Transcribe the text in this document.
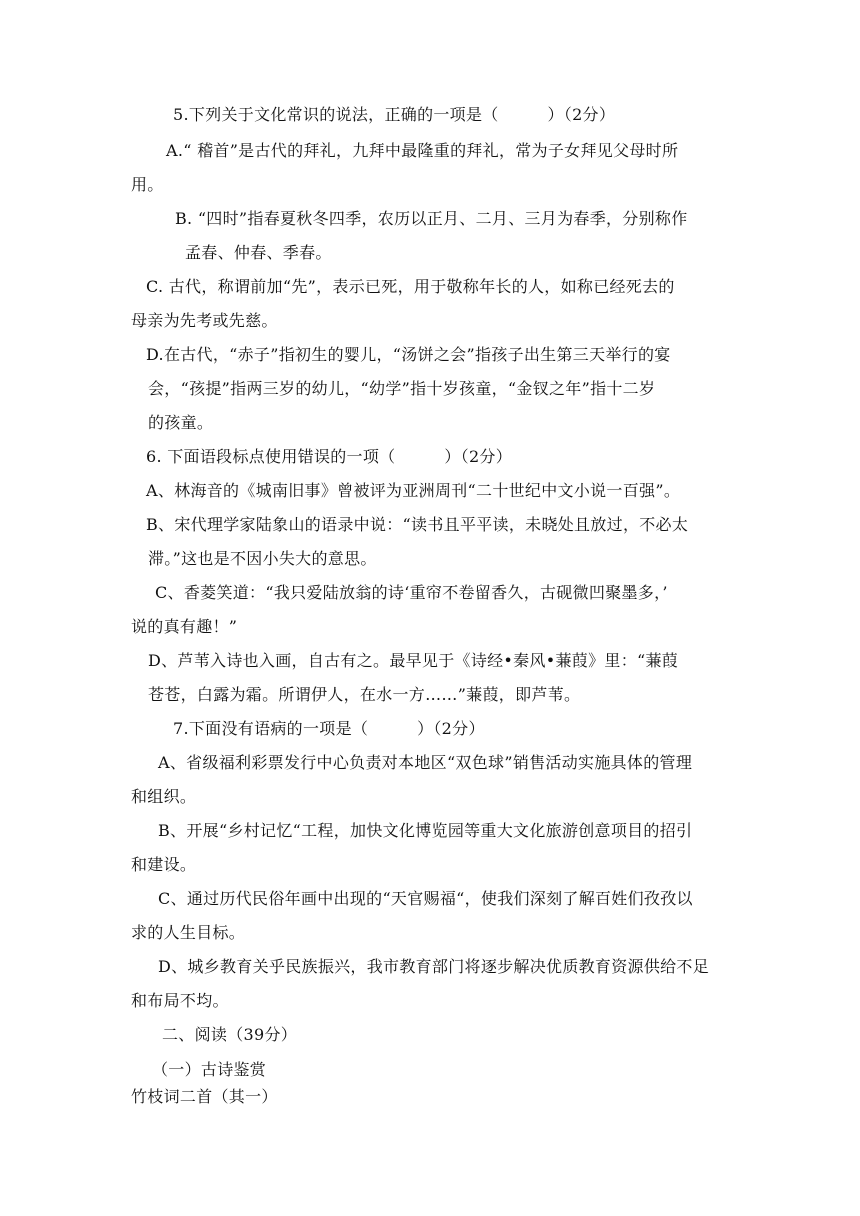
5.下列关于文化常识的说法，正确的一项是（　　　）（2分）
A.“ 稽首”是古代的拜礼，九拜中最隆重的拜礼，常为子女拜见父母时所
用。
B. “四时”指春夏秋冬四季，农历以正月、二月、三月为春季，分别称作
孟春、仲春、季春。
C. 古代，称谓前加“先”，表示已死，用于敬称年长的人，如称已经死去的
母亲为先考或先慈。
D.在古代，“赤子”指初生的婴儿，“汤饼之会”指孩子出生第三天举行的宴
会，“孩提”指两三岁的幼儿，“幼学”指十岁孩童，“金钗之年”指十二岁
的孩童。
6. 下面语段标点使用错误的一项（　　　）（2分）
A、林海音的《城南旧事》曾被评为亚洲周刊“二十世纪中文小说一百强”。
B、宋代理学家陆象山的语录中说：“读书且平平读，未晓处且放过，不必太
滞。”这也是不因小失大的意思。
C、香菱笑道：“我只爱陆放翁的诗‘重帘不卷留香久，古砚微凹聚墨多，’
说的真有趣！”
D、芦苇入诗也入画，自古有之。最早见于《诗经•秦风•蒹葭》里：“蒹葭
苍苍，白露为霜。所谓伊人，在水一方……”蒹葭，即芦苇。
7.下面没有语病的一项是（　　　）（2分）
A、省级福利彩票发行中心负责对本地区“双色球”销售活动实施具体的管理
和组织。
B、开展“乡村记忆“工程，加快文化博览园等重大文化旅游创意项目的招引
和建设。
C、通过历代民俗年画中出现的“天官赐福“，使我们深刻了解百姓们孜孜以
求的人生目标。
D、城乡教育关乎民族振兴，我市教育部门将逐步解决优质教育资源供给不足
和布局不均。
二、阅读（39分）
（一）古诗鉴赏
竹枝词二首（其一）
